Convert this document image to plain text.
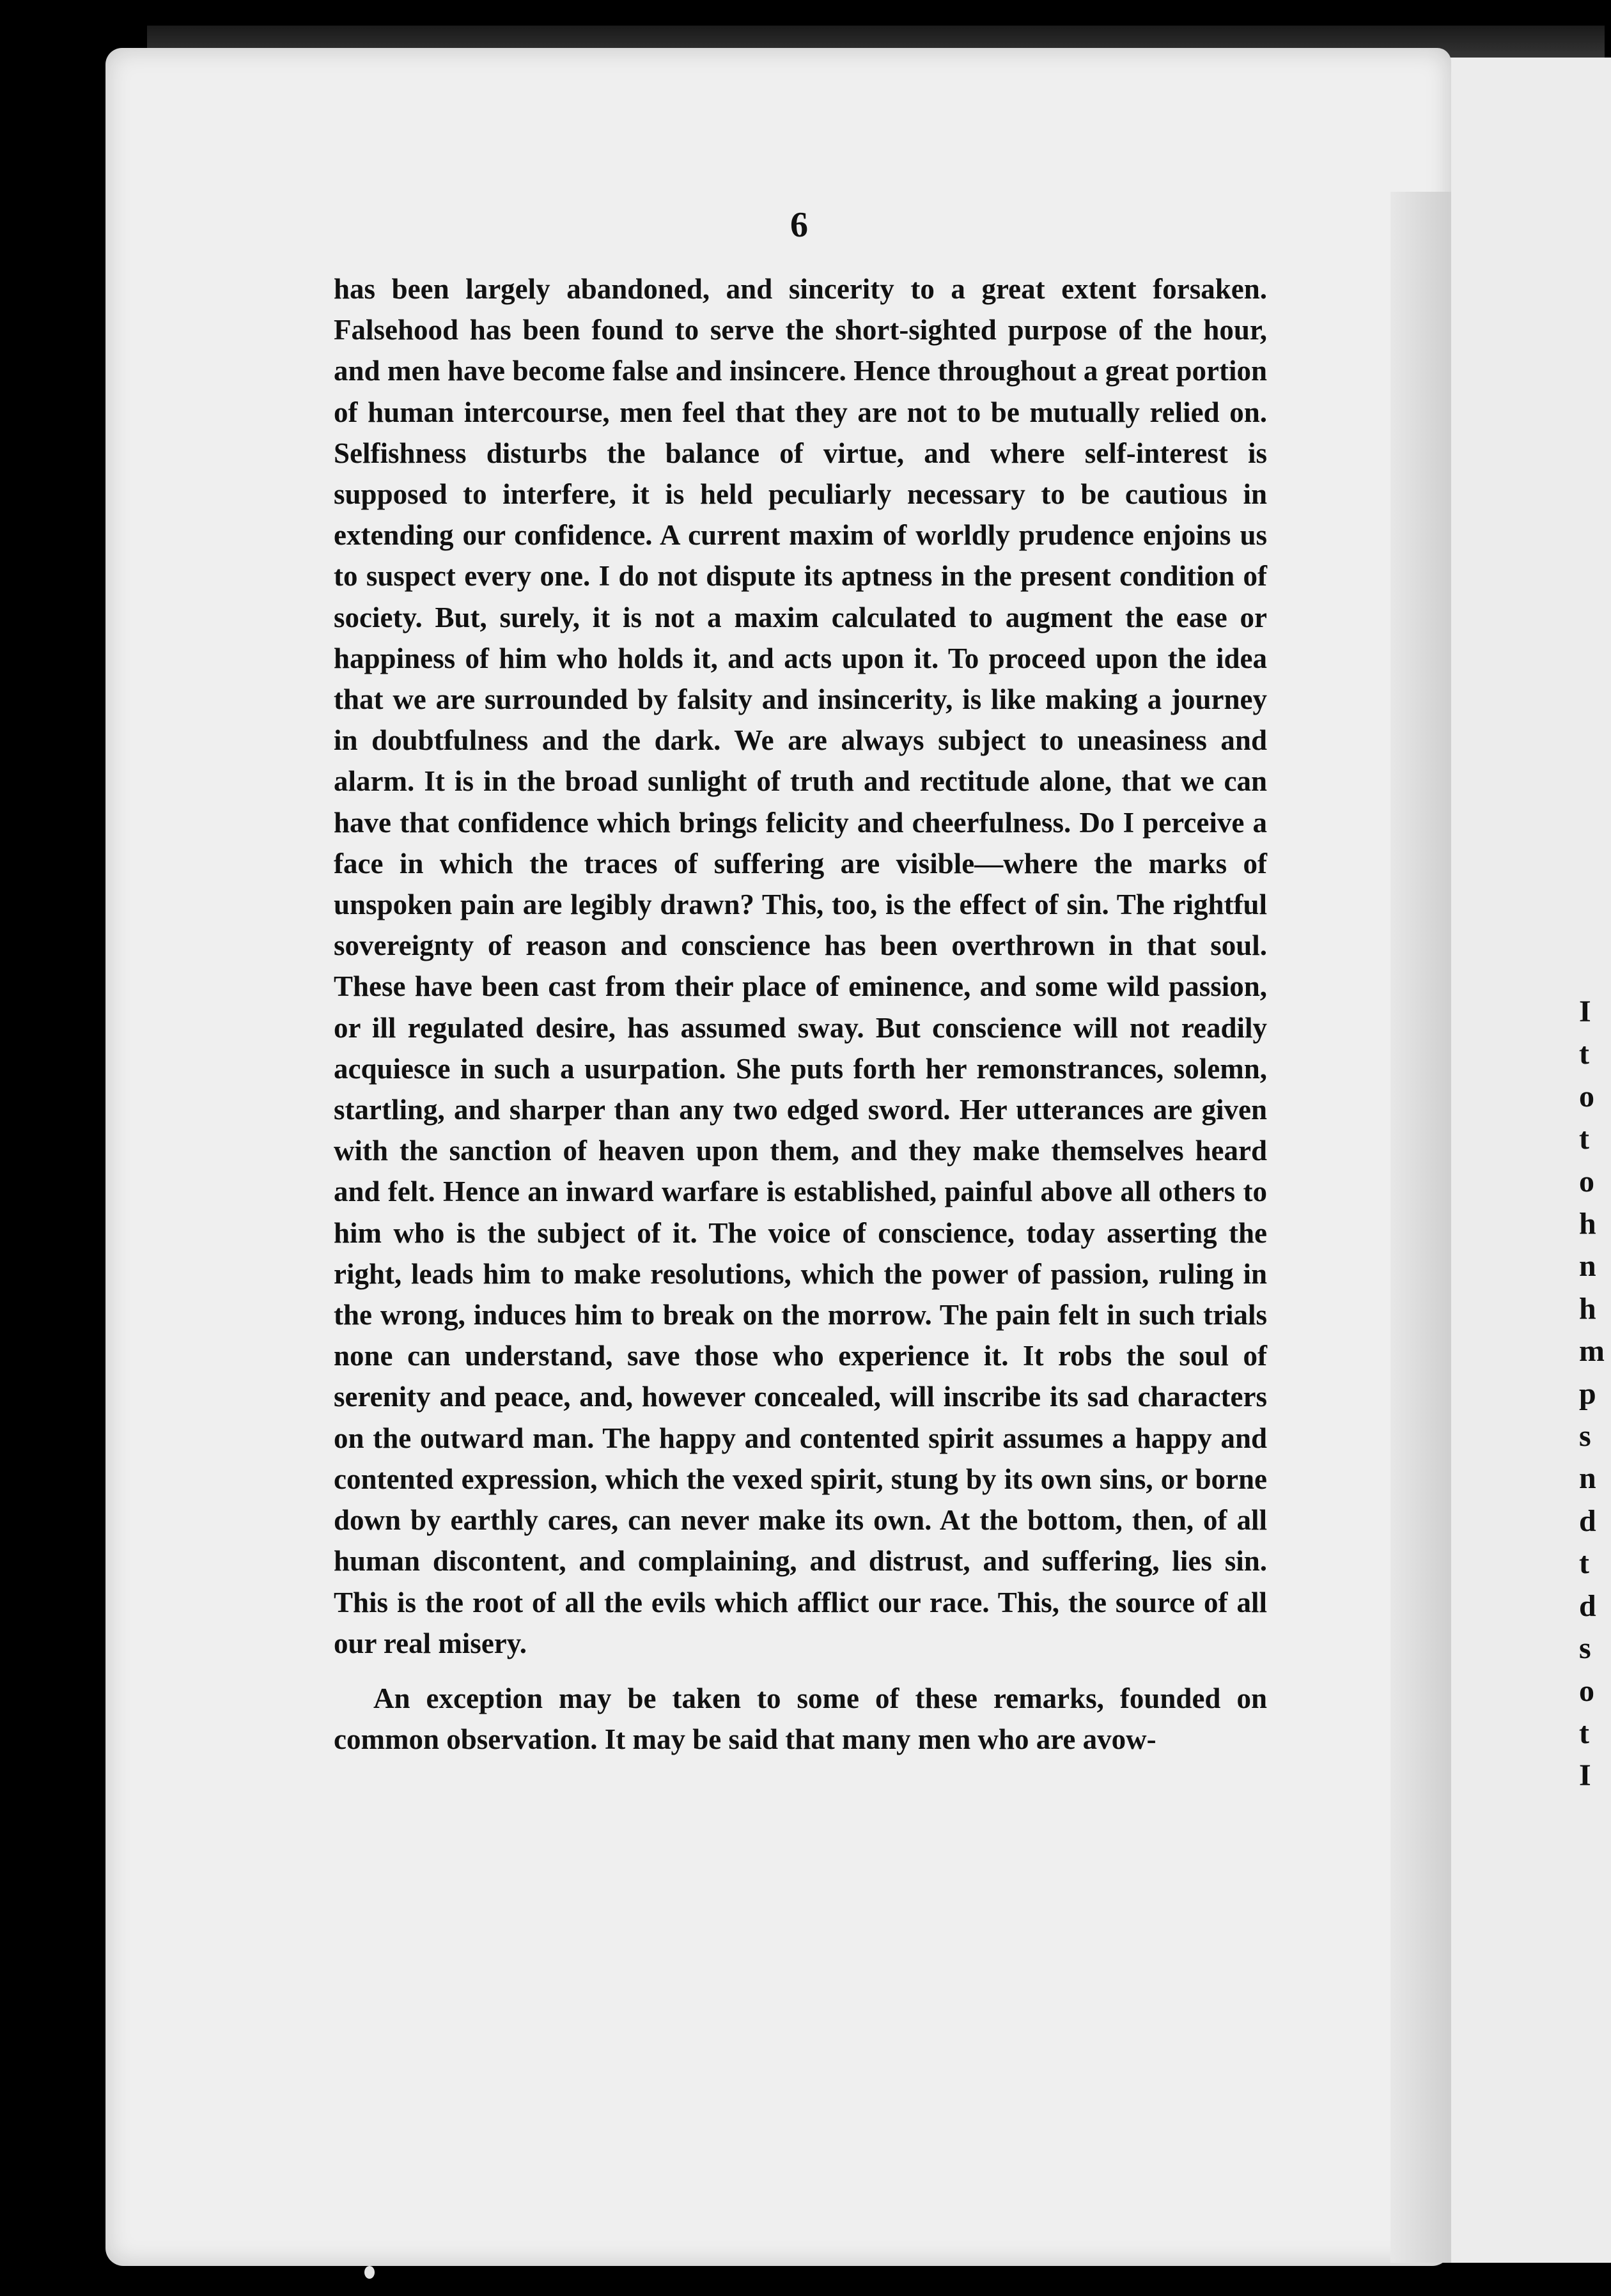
I
t
o
t
o
h
n
h
m
p
s
n
d
t
d
s
o
t
I
6

has been largely abandoned, and sincerity to a great extent forsaken. Falsehood has been found to serve the short-sighted purpose of the hour, and men have become false and insincere. Hence throughout a great portion of human intercourse, men feel that they are not to be mutually relied on. Selfishness disturbs the balance of virtue, and where self-interest is supposed to interfere, it is held peculiarly necessary to be cautious in extending our confidence. A current maxim of worldly prudence enjoins us to suspect every one. I do not dispute its aptness in the present condition of society. But, surely, it is not a maxim calculated to augment the ease or happiness of him who holds it, and acts upon it. To proceed upon the idea that we are surrounded by falsity and insincerity, is like making a journey in doubtfulness and the dark. We are always subject to uneasiness and alarm. It is in the broad sunlight of truth and rectitude alone, that we can have that confidence which brings felicity and cheerfulness. Do I perceive a face in which the traces of suffering are visible—where the marks of unspoken pain are legibly drawn? This, too, is the effect of sin. The rightful sovereignty of reason and conscience has been overthrown in that soul. These have been cast from their place of eminence, and some wild passion, or ill regulated desire, has assumed sway. But conscience will not readily acquiesce in such a usurpation. She puts forth her remonstrances, solemn, startling, and sharper than any two edged sword. Her utterances are given with the sanction of heaven upon them, and they make themselves heard and felt. Hence an inward warfare is established, painful above all others to him who is the subject of it. The voice of conscience, today asserting the right, leads him to make resolutions, which the power of passion, ruling in the wrong, induces him to break on the morrow. The pain felt in such trials none can understand, save those who experience it. It robs the soul of serenity and peace, and, however concealed, will inscribe its sad characters on the outward man. The happy and contented spirit assumes a happy and contented expression, which the vexed spirit, stung by its own sins, or borne down by earthly cares, can never make its own. At the bottom, then, of all human discontent, and complaining, and distrust, and suffering, lies sin. This is the root of all the evils which afflict our race. This, the source of all our real misery.

An exception may be taken to some of these remarks, founded on common observation. It may be said that many men who are avow-
